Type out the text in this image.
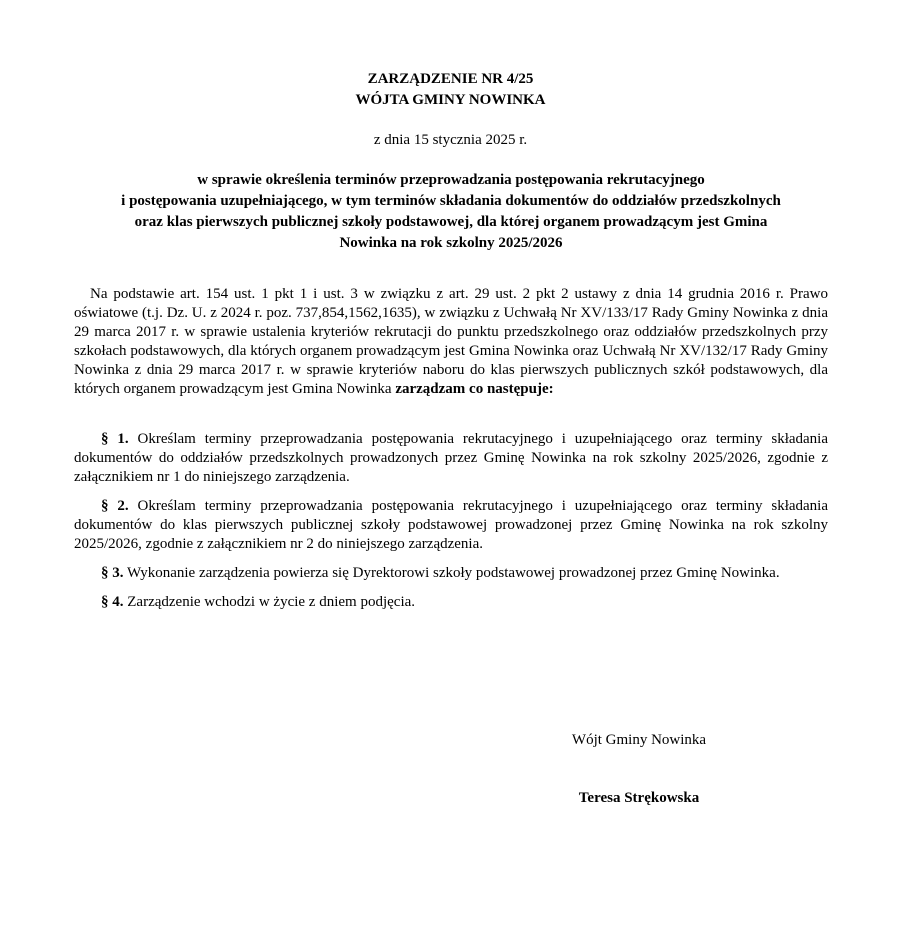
ZARZĄDZENIE NR 4/25
WÓJTA GMINY NOWINKA
z dnia 15 stycznia 2025 r.
w sprawie określenia terminów przeprowadzania postępowania rekrutacyjnego
i postępowania uzupełniającego, w tym terminów składania dokumentów do oddziałów przedszkolnych
oraz klas pierwszych publicznej szkoły podstawowej, dla której organem prowadzącym jest Gmina
Nowinka na rok szkolny 2025/2026
Na podstawie art. 154 ust. 1 pkt 1 i ust. 3 w związku z art. 29 ust. 2 pkt 2 ustawy z dnia 14 grudnia 2016 r. Prawo oświatowe (t.j. Dz. U. z 2024 r. poz. 737,854,1562,1635), w związku z Uchwałą Nr XV/133/17 Rady Gminy Nowinka z dnia 29 marca 2017 r. w sprawie ustalenia kryteriów rekrutacji do punktu przedszkolnego oraz oddziałów przedszkolnych przy szkołach podstawowych, dla których organem prowadzącym jest Gmina Nowinka oraz Uchwałą Nr XV/132/17 Rady Gminy Nowinka z dnia 29 marca 2017 r. w sprawie kryteriów naboru do klas pierwszych publicznych szkół podstawowych, dla których organem prowadzącym jest Gmina Nowinka zarządzam co następuje:

§ 1. Określam terminy przeprowadzania postępowania rekrutacyjnego i uzupełniającego oraz terminy składania dokumentów do oddziałów przedszkolnych prowadzonych przez Gminę Nowinka na rok szkolny 2025/2026, zgodnie z załącznikiem nr 1 do niniejszego zarządzenia.

§ 2. Określam terminy przeprowadzania postępowania rekrutacyjnego i uzupełniającego oraz terminy składania dokumentów do klas pierwszych publicznej szkoły podstawowej prowadzonej przez Gminę Nowinka na rok szkolny 2025/2026, zgodnie z załącznikiem nr 2 do niniejszego zarządzenia.

§ 3. Wykonanie zarządzenia powierza się Dyrektorowi szkoły podstawowej prowadzonej przez Gminę Nowinka.

§ 4. Zarządzenie wchodzi w życie z dniem podjęcia.

Wójt Gminy Nowinka
Teresa Strękowska
